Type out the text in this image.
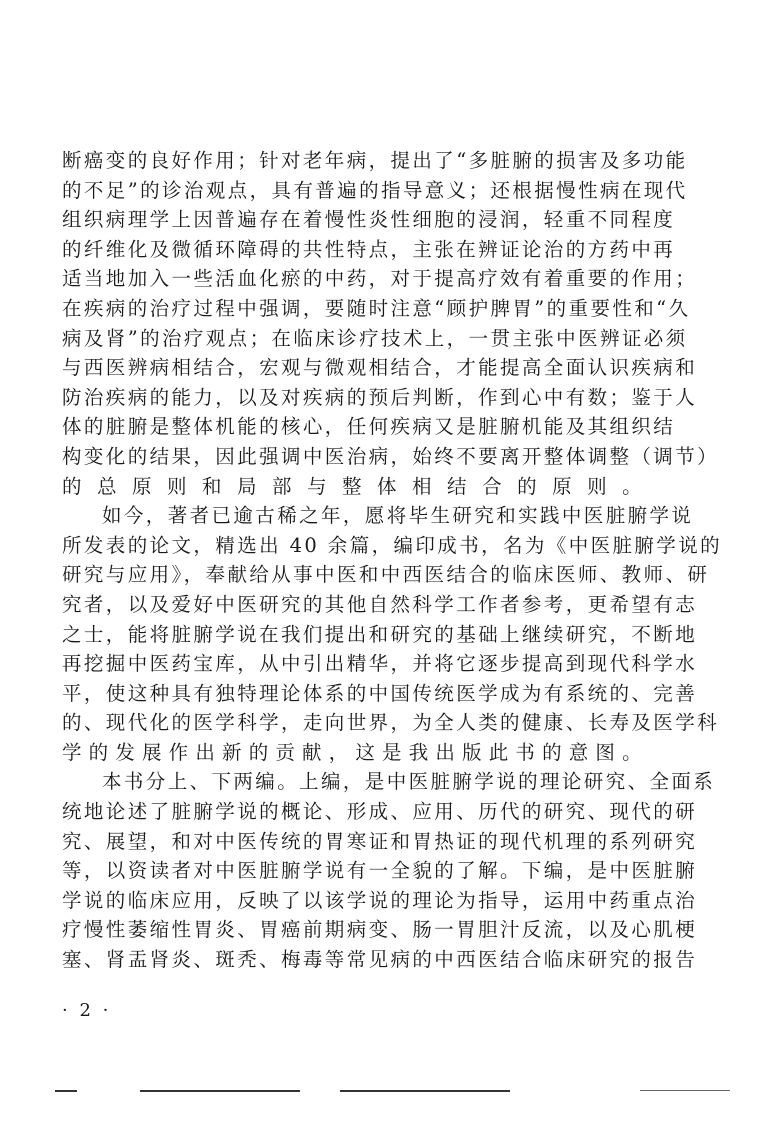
断癌变的良好作用；针对老年病，提出了“多脏腑的损害及多功能
的不足”的诊治观点，具有普遍的指导意义；还根据慢性病在现代
组织病理学上因普遍存在着慢性炎性细胞的浸润，轻重不同程度
的纤维化及微循环障碍的共性特点，主张在辨证论治的方药中再
适当地加入一些活血化瘀的中药，对于提高疗效有着重要的作用；
在疾病的治疗过程中强调，要随时注意“顾护脾胃”的重要性和“久
病及肾”的治疗观点；在临床诊疗技术上，一贯主张中医辨证必须
与西医辨病相结合，宏观与微观相结合，才能提高全面认识疾病和
防治疾病的能力，以及对疾病的预后判断，作到心中有数；鉴于人
体的脏腑是整体机能的核心，任何疾病又是脏腑机能及其组织结
构变化的结果，因此强调中医治病，始终不要离开整体调整（调节）
的总原则和局部与整体相结合的原则。

如今，著者已逾古稀之年，愿将毕生研究和实践中医脏腑学说
所发表的论文，精选出 40 余篇，编印成书，名为《中医脏腑学说的
研究与应用》，奉献给从事中医和中西医结合的临床医师、教师、研
究者，以及爱好中医研究的其他自然科学工作者参考，更希望有志
之士，能将脏腑学说在我们提出和研究的基础上继续研究，不断地
再挖掘中医药宝库，从中引出精华，并将它逐步提高到现代科学水
平，使这种具有独特理论体系的中国传统医学成为有系统的、完善
的、现代化的医学科学，走向世界，为全人类的健康、长寿及医学科
学的发展作出新的贡献，这是我出版此书的意图。

本书分上、下两编。上编，是中医脏腑学说的理论研究、全面系
统地论述了脏腑学说的概论、形成、应用、历代的研究、现代的研
究、展望，和对中医传统的胃寒证和胃热证的现代机理的系列研究
等，以资读者对中医脏腑学说有一全貌的了解。下编，是中医脏腑
学说的临床应用，反映了以该学说的理论为指导，运用中药重点治
疗慢性萎缩性胃炎、胃癌前期病变、肠一胃胆汁反流，以及心肌梗
塞、肾盂肾炎、斑秃、梅毒等常见病的中西医结合临床研究的报告

· 2 ·
